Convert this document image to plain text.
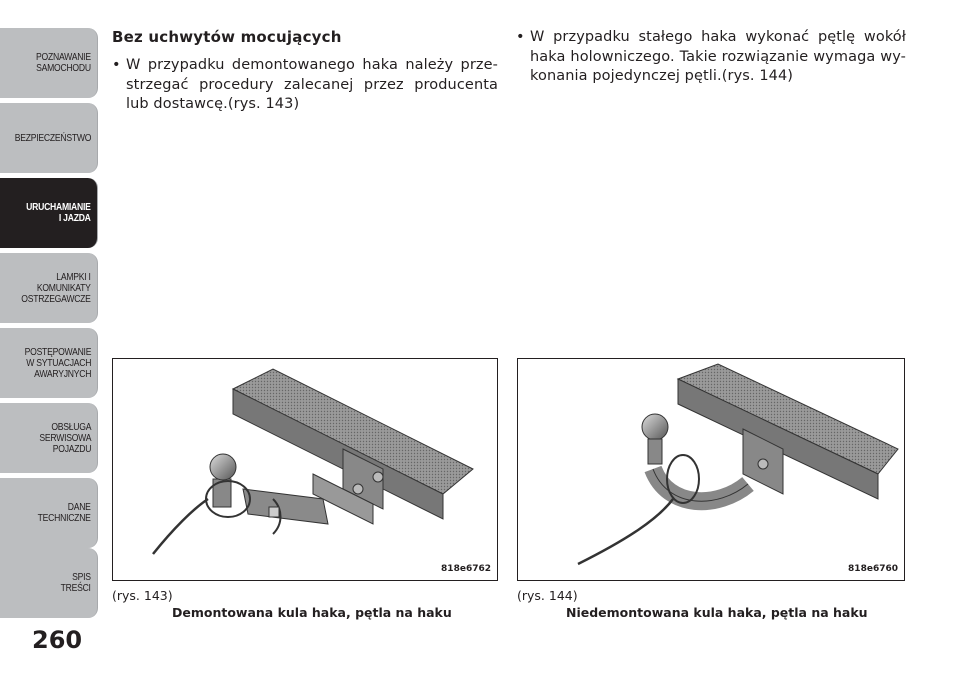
POZNAWANIE
SAMOCHODU
BEZPIECZEŃSTWO
URUCHAMIANIE
I JAZDA
LAMPKI I
KOMUNIKATY
OSTRZEGAWCZE
POSTĘPOWANIE
W SYTUACJACH
AWARYJNYCH
OBSŁUGA
SERWISOWA
POJAZDU
DANE
TECHNICZNE
SPIS
TREŚCI
260

Bez uchwytów mocujących

• W przypadku demontowanego haka należy prze-strzegać procedury zalecanej przez producenta lub dostawcę.(rys. 143)

• W przypadku stałego haka wykonać pętlę wokół haka holowniczego. Takie rozwiązanie wymaga wy-konania pojedynczej pętli.(rys. 144)

818e6762	818e6760
(rys. 143)
Demontowana kula haka, pętla na haku
(rys. 144)
Niedemontowana kula haka, pętla na haku
